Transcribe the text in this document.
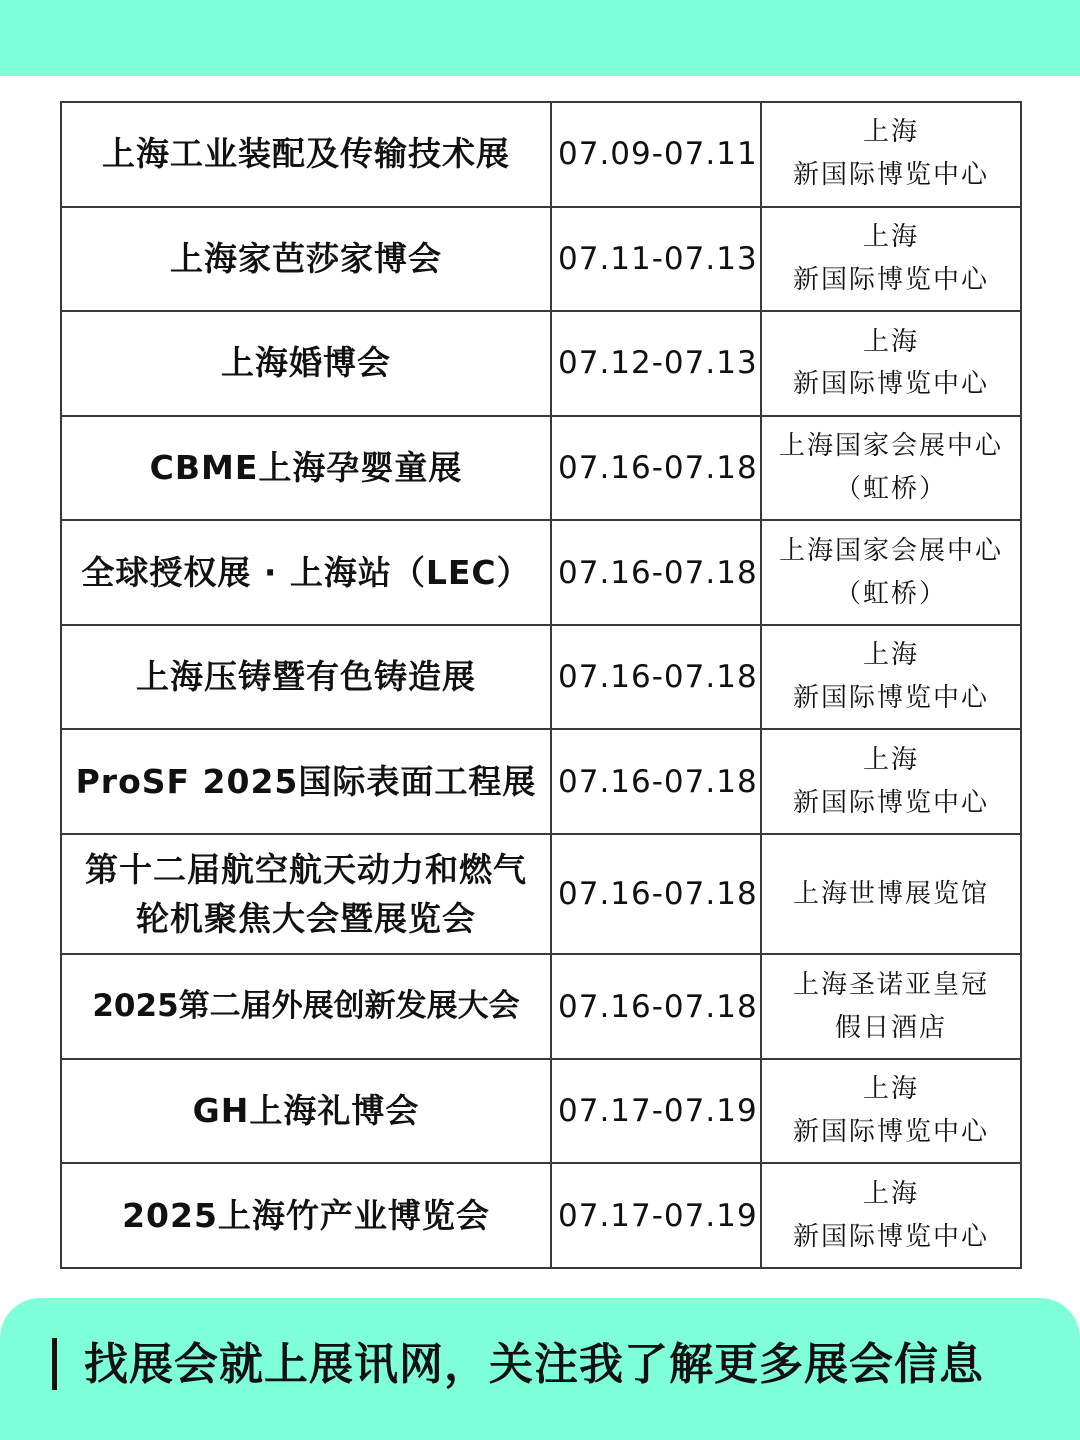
上海工业装配及传输技术展	07.09-07.11	上海
新国际博览中心
上海家芭莎家博会	07.11-07.13	上海
新国际博览中心
上海婚博会	07.12-07.13	上海
新国际博览中心
CBME上海孕婴童展	07.16-07.18	上海国家会展中心
（虹桥）
全球授权展 · 上海站（LEC）	07.16-07.18	上海国家会展中心
（虹桥）
上海压铸暨有色铸造展	07.16-07.18	上海
新国际博览中心
ProSF 2025国际表面工程展	07.16-07.18	上海
新国际博览中心
第十二届航空航天动力和燃气
轮机聚焦大会暨展览会	07.16-07.18	上海世博展览馆
2025第二届外展创新发展大会	07.16-07.18	上海圣诺亚皇冠
假日酒店
GH上海礼博会	07.17-07.19	上海
新国际博览中心
2025上海竹产业博览会	07.17-07.19	上海
新国际博览中心
找展会就上展讯网，关注我了解更多展会信息
